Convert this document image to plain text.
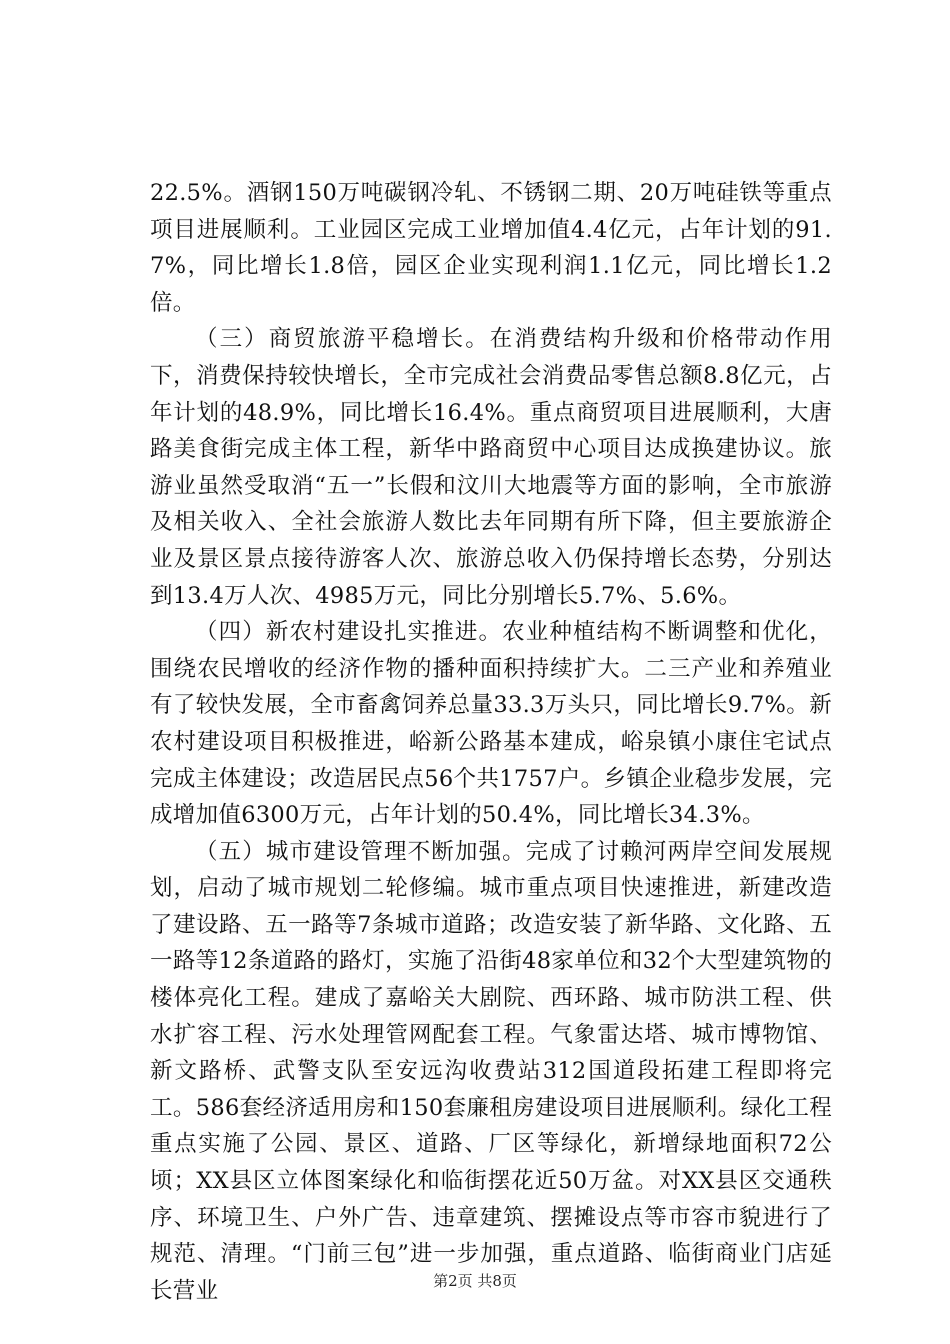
22.5%。酒钢150万吨碳钢冷轧、不锈钢二期、20万吨硅铁等重点项目进展顺利。工业园区完成工业增加值4.4亿元，占年计划的91.7%，同比增长1.8倍，园区企业实现利润1.1亿元，同比增长1.2倍。

（三）商贸旅游平稳增长。在消费结构升级和价格带动作用下，消费保持较快增长，全市完成社会消费品零售总额8.8亿元，占年计划的48.9%，同比增长16.4%。重点商贸项目进展顺利，大唐路美食街完成主体工程，新华中路商贸中心项目达成换建协议。旅游业虽然受取消“五一”长假和汶川大地震等方面的影响，全市旅游及相关收入、全社会旅游人数比去年同期有所下降，但主要旅游企业及景区景点接待游客人次、旅游总收入仍保持增长态势，分别达到13.4万人次、4985万元，同比分别增长5.7%、5.6%。

（四）新农村建设扎实推进。农业种植结构不断调整和优化，围绕农民增收的经济作物的播种面积持续扩大。二三产业和养殖业有了较快发展，全市畜禽饲养总量33.3万头只，同比增长9.7%。新农村建设项目积极推进，峪新公路基本建成，峪泉镇小康住宅试点完成主体建设；改造居民点56个共1757户。乡镇企业稳步发展，完成增加值6300万元，占年计划的50.4%，同比增长34.3%。

（五）城市建设管理不断加强。完成了讨赖河两岸空间发展规划，启动了城市规划二轮修编。城市重点项目快速推进，新建改造了建设路、五一路等7条城市道路；改造安装了新华路、文化路、五一路等12条道路的路灯，实施了沿街48家单位和32个大型建筑物的楼体亮化工程。建成了嘉峪关大剧院、西环路、城市防洪工程、供水扩容工程、污水处理管网配套工程。气象雷达塔、城市博物馆、新文路桥、武警支队至安远沟收费站312国道段拓建工程即将完工。586套经济适用房和150套廉租房建设项目进展顺利。绿化工程重点实施了公园、景区、道路、厂区等绿化，新增绿地面积72公顷；XX县区立体图案绿化和临街摆花近50万盆。对XX县区交通秩序、环境卫生、户外广告、违章建筑、摆摊设点等市容市貌进行了规范、清理。“门前三包”进一步加强，重点道路、临街商业门店延长营业	第2页 共8页
